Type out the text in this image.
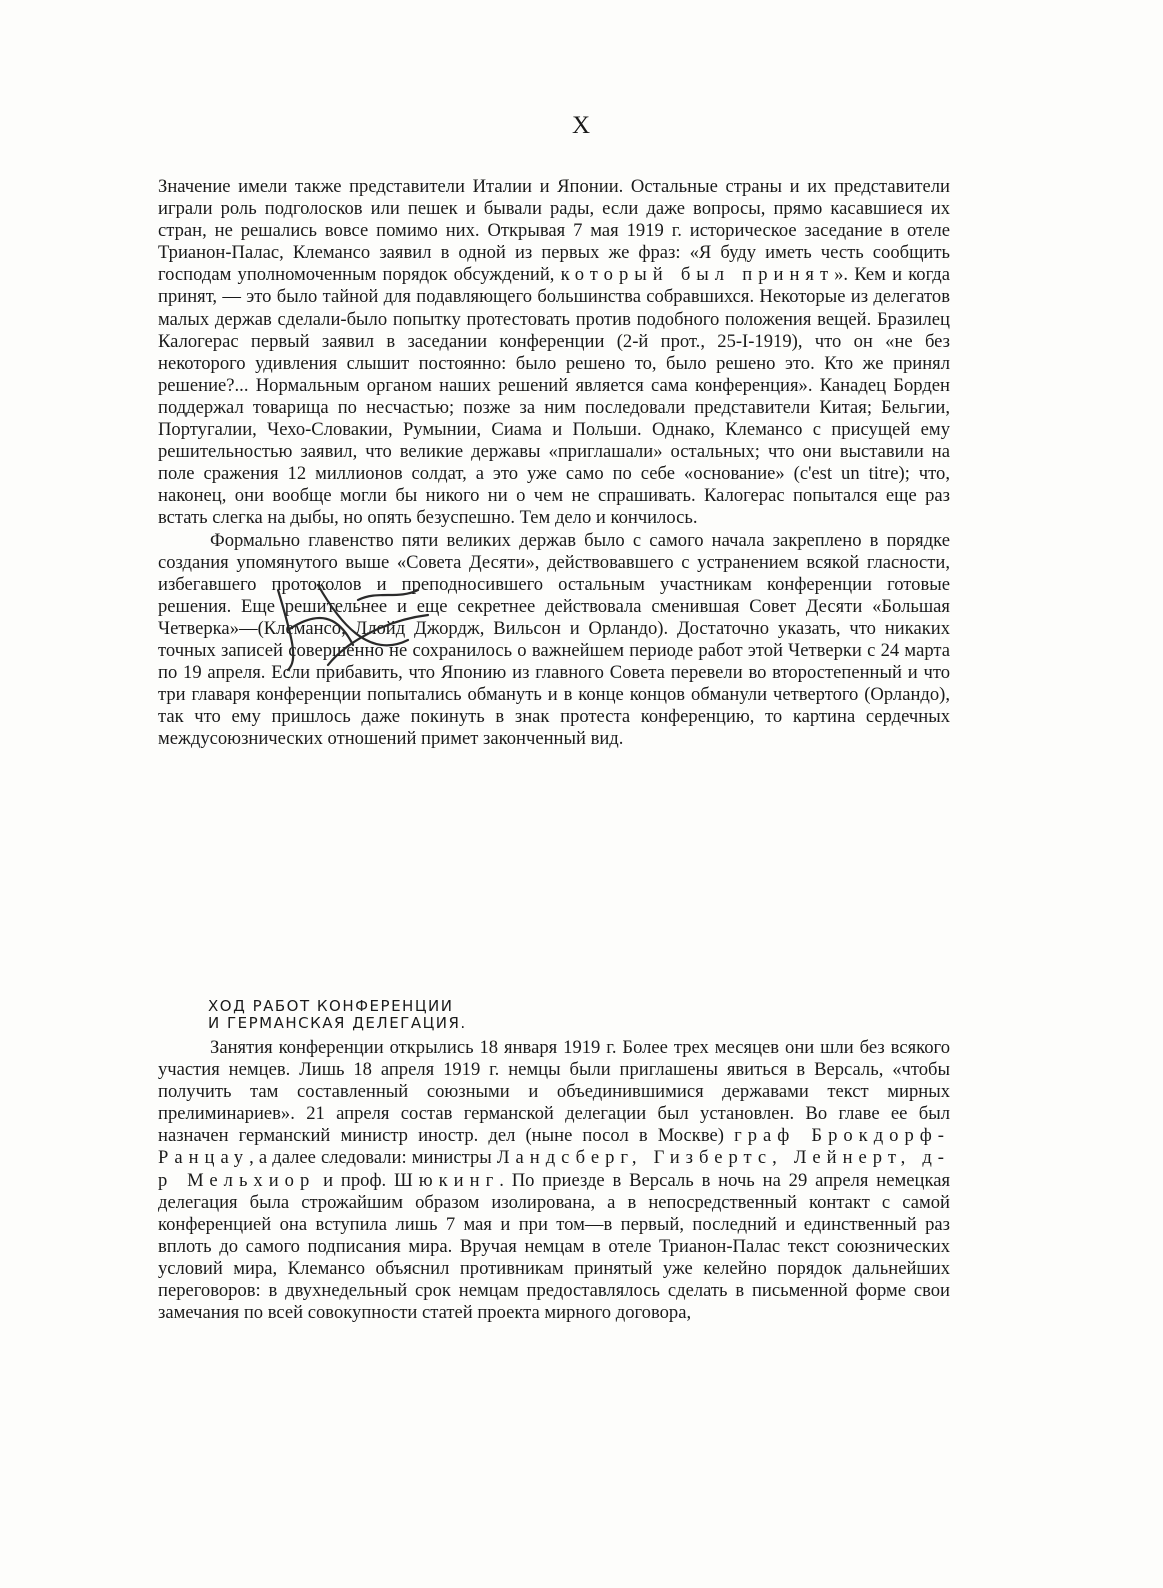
X

Значение имели также представители Италии и Японии. Остальные страны и их представители играли роль подголосков или пешек и бывали рады, если даже вопросы, прямо касавшиеся их стран, не решались вовсе помимо них. Открывая 7 мая 1919 г. историческое заседание в отеле Трианон-Палас, Клемансо заявил в одной из первых же фраз: «Я буду иметь честь сообщить господам уполномоченным порядок обсуждений, который был принят». Кем и когда принят, — это было тайной для подавляющего большинства собравшихся. Некоторые из делегатов малых держав сделали-было попытку протестовать против подобного положения вещей. Бразилец Калогерас первый заявил в заседании конференции (2-й прот., 25-I-1919), что он «не без некоторого удивления слышит постоянно: было решено то, было решено это. Кто же принял решение?... Нормальным органом наших решений является сама конференция». Канадец Борден поддержал товарища по несчастью; позже за ним последовали представители Китая; Бельгии, Португалии, Чехо-Словакии, Румынии, Сиама и Польши. Однако, Клемансо с присущей ему решительностью заявил, что великие державы «приглашали» остальных; что они выставили на поле сражения 12 миллионов солдат, а это уже само по себе «основание» (c'est un titre); что, наконец, они вообще могли бы никого ни о чем не спрашивать. Калогерас попытался еще раз встать слегка на дыбы, но опять безуспешно. Тем дело и кончилось.

Формально главенство пяти великих держав было с самого начала закреплено в порядке создания упомянутого выше «Совета Десяти», действовавшего с устранением всякой гласности, избегавшего протоколов и преподносившего остальным участникам конференции готовые решения. Еще решительнее и еще секретнее действовала сменившая Совет Десяти «Большая Четверка»—(Клемансо, Ллойд Джордж, Вильсон и Орландо). Достаточно указать, что никаких точных записей совершенно не сохранилось о важнейшем периоде работ этой Четверки с 24 марта по 19 апреля. Если прибавить, что Японию из главного Совета перевели во второстепенный и что три главаря конференции попытались обмануть и в конце концов обманули четвертого (Орландо), так что ему пришлось даже покинуть в знак протеста конференцию, то картина сердечных междусоюзнических отношений примет законченный вид.

ХОД РАБОТ КОНФЕРЕНЦИИ
И ГЕРМАНСКАЯ ДЕЛЕГАЦИЯ.

Занятия конференции открылись 18 января 1919 г. Более трех месяцев они шли без всякого участия немцев. Лишь 18 апреля 1919 г. немцы были приглашены явиться в Версаль, «чтобы получить там составленный союзными и объединившимися державами текст мирных прелиминариев». 21 апреля состав германской делегации был установлен. Во главе ее был назначен германский министр иностр. дел (ныне посол в Москве) граф Брокдорф-Ранцау, а далее следовали: министры Ландсберг, Гизбертс, Лейнерт, д-р Мельхиор и проф. Шюкинг. По приезде в Версаль в ночь на 29 апреля немецкая делегация была строжайшим образом изолирована, а в непосредственный контакт с самой конференцией она вступила лишь 7 мая и при том—в первый, последний и единственный раз вплоть до самого подписания мира. Вручая немцам в отеле Трианон-Палас текст союзнических условий мира, Клемансо объяснил противникам принятый уже келейно порядок дальнейших переговоров: в двухнедельный срок немцам предоставлялось сделать в письменной форме свои замечания по всей совокупности статей проекта мирного договора,
